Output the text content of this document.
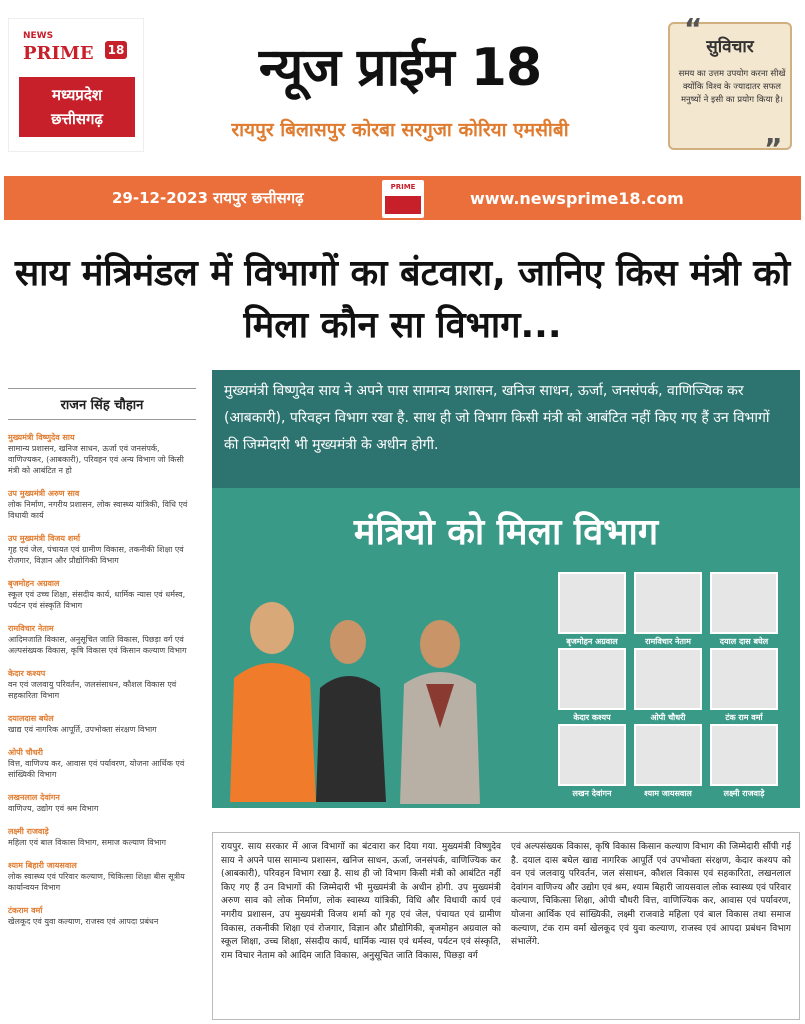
NEWS
PRIME 18
मध्यप्रदेश
छत्तीसगढ़
न्यूज प्राईम 18
रायपुर बिलासपुर कोरबा सरगुजा कोरिया एमसीबी
“
सुविचार
समय का उत्तम उपयोग करना सीखें क्योंकि विश्व के ज्यादातर सफल मनुष्यों ने इसी का प्रयोग किया है।
”
29-12-2023 रायपुर छत्तीसगढ़
PRIME
www.newsprime18.com
साय मंत्रिमंडल में विभागों का बंटवारा, जानिए किस मंत्री को मिला कौन सा विभाग...
राजन सिंह चौहान
मुख्यमंत्री विष्णुदेव साय
सामान्य प्रशासन, खनिज साधन, ऊर्जा एवं जनसंपर्क, वाणिज्यकर, (आबकारी), परिवहन एवं अन्य विभाग जो किसी मंत्री को आबंटित न हो
उप मुख्यमंत्री अरुण साव
लोक निर्माण, नगरीय प्रशासन, लोक स्वास्थ्य यांत्रिकी, विधि एवं विधायी कार्य
उप मुख्यमंत्री विजय शर्मा
गृह एवं जेल, पंचायत एवं ग्रामीण विकास, तकनीकी शिक्षा एवं रोजगार, विज्ञान और प्रौद्योगिकी विभाग
बृजमोहन अग्रवाल
स्कूल एवं उच्च शिक्षा, संसदीय कार्य, धार्मिक न्यास एवं धर्मस्व, पर्यटन एवं संस्कृति विभाग
रामविचार नेताम
आदिमजाति विकास, अनुसूचित जाति विकास, पिछड़ा वर्ग एवं अल्पसंख्यक विकास, कृषि विकास एवं किसान कल्याण विभाग
केदार कश्यप
वन एवं जलवायु परिवर्तन, जलसंसाधन, कौशल विकास एवं सहकारिता विभाग
दयालदास बघेल
खाद्य एवं नागरिक आपूर्ति, उपभोक्ता संरक्षण विभाग
ओपी चौधरी
वित्त, वाणिज्य कर, आवास एवं पर्यावरण, योजना आर्थिक एवं सांख्यिकी विभाग
लखनलाल देवांगन
वाणिज्य, उद्योग एवं श्रम विभाग
लक्ष्मी राजवाड़े
महिला एवं बाल विकास विभाग, समाज कल्याण विभाग
श्याम बिहारी जायसवाल
लोक स्वास्थ्य एवं परिवार कल्याण, चिकित्सा शिक्षा बीस सूत्रीय कार्यान्वयन विभाग
टंकराम वर्मा
खेलकूद एवं युवा कल्याण, राजस्व एवं आपदा प्रबंधन
मुख्यमंत्री विष्णुदेव साय ने अपने पास सामान्य प्रशासन, खनिज साधन, ऊर्जा, जनसंपर्क, वाणिज्यिक कर (आबकारी), परिवहन विभाग रखा है. साथ ही जो विभाग किसी मंत्री को आबंटित नहीं किए गए हैं उन विभागों की जिम्मेदारी भी मुख्यमंत्री के अधीन होगी.
मंत्रियो को मिला विभाग
बृजमोहन अग्रवाल	रामविचार नेताम	दयाल दास बघेल
केदार कश्यप	ओपी चौधरी	टंक राम वर्मा
लखन देवांगन	श्याम जायसवाल	लक्ष्मी राजवाड़े
रायपुर. साय सरकार में आज विभागों का बंटवारा कर दिया गया. मुख्यमंत्री विष्णुदेव साय ने अपने पास सामान्य प्रशासन, खनिज साधन, ऊर्जा, जनसंपर्क, वाणिज्यिक कर (आबकारी), परिवहन विभाग रखा है. साथ ही जो विभाग किसी मंत्री को आबंटित नहीं किए गए हैं उन विभागों की जिम्मेदारी भी मुख्यमंत्री के अधीन होगी. उप मुख्यमंत्री अरुण साव को लोक निर्माण, लोक स्वास्थ्य यांत्रिकी, विधि और विधायी कार्य एवं नगरीय प्रशासन, उप मुख्यमंत्री विजय शर्मा को गृह एवं जेल, पंचायत एवं ग्रामीण विकास, तकनीकी शिक्षा एवं रोजगार, विज्ञान और प्रौद्योगिकी, बृजमोहन अग्रवाल को स्कूल शिक्षा, उच्च शिक्षा, संसदीय कार्य, धार्मिक न्यास एवं धर्मस्व, पर्यटन एवं संस्कृति, राम विचार नेताम को आदिम जाति विकास, अनुसूचित जाति विकास, पिछड़ा वर्ग
एवं अल्पसंख्यक विकास, कृषि विकास किसान कल्याण विभाग की जिम्मेदारी सौंपी गई है. दयाल दास बघेल खाद्य नागरिक आपूर्ति एवं उपभोक्ता संरक्षण, केदार कश्यप को वन एवं जलवायु परिवर्तन, जल संसाधन, कौशल विकास एवं सहकारिता, लखनलाल देवांगन वाणिज्य और उद्योग एवं श्रम, श्याम बिहारी जायसवाल लोक स्वास्थ्य एवं परिवार कल्याण, चिकित्सा शिक्षा, ओपी चौधरी वित्त, वाणिज्यिक कर, आवास एवं पर्यावरण, योजना आर्थिक एवं सांख्यिकी, लक्ष्मी राजवाडे महिला एवं बाल विकास तथा समाज कल्याण, टंक राम वर्मा खेलकूद एवं युवा कल्याण, राजस्व एवं आपदा प्रबंधन विभाग संभालेंगे.
